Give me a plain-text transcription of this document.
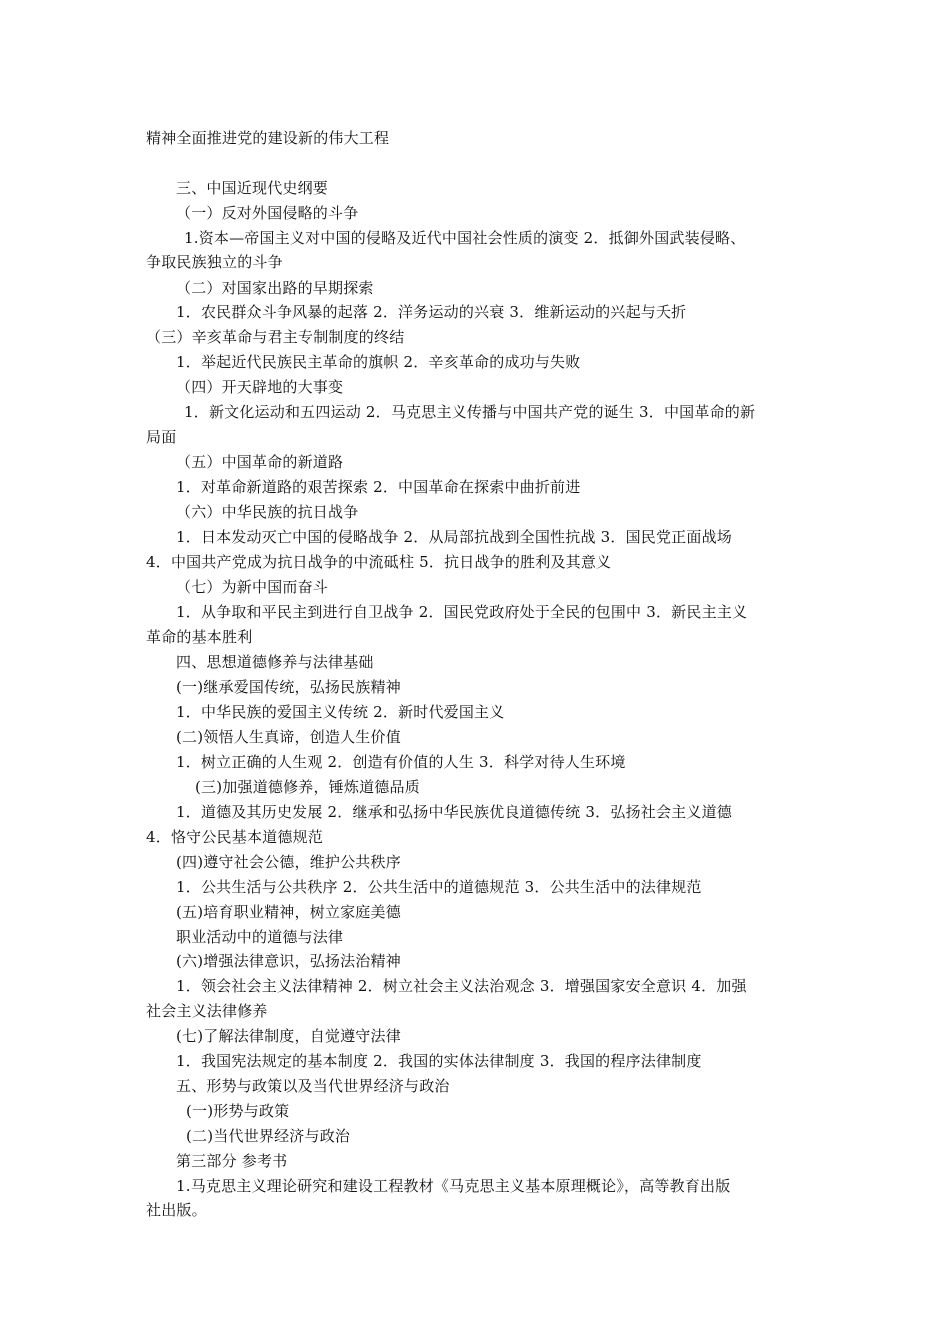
精神全面推进党的建设新的伟大工程
三、中国近现代史纲要
（一）反对外国侵略的斗争
1.资本—帝国主义对中国的侵略及近代中国社会性质的演变 2．抵御外国武装侵略、
争取民族独立的斗争
（二）对国家出路的早期探索
1．农民群众斗争风暴的起落 2．洋务运动的兴衰 3．维新运动的兴起与夭折
（三）辛亥革命与君主专制制度的终结
1．举起近代民族民主革命的旗帜 2．辛亥革命的成功与失败
（四）开天辟地的大事变
1．新文化运动和五四运动 2．马克思主义传播与中国共产党的诞生 3．中国革命的新
局面
（五）中国革命的新道路
1．对革命新道路的艰苦探索 2．中国革命在探索中曲折前进
（六）中华民族的抗日战争
1．日本发动灭亡中国的侵略战争 2．从局部抗战到全国性抗战 3．国民党正面战场
4．中国共产党成为抗日战争的中流砥柱 5．抗日战争的胜利及其意义
（七）为新中国而奋斗
1．从争取和平民主到进行自卫战争 2．国民党政府处于全民的包围中 3．新民主主义
革命的基本胜利
四、思想道德修养与法律基础
(一)继承爱国传统，弘扬民族精神
1．中华民族的爱国主义传统 2．新时代爱国主义
(二)领悟人生真谛，创造人生价值
1．树立正确的人生观 2．创造有价值的人生 3．科学对待人生环境
(三)加强道德修养，锤炼道德品质
1．道德及其历史发展 2．继承和弘扬中华民族优良道德传统 3．弘扬社会主义道德
4．恪守公民基本道德规范
(四)遵守社会公德，维护公共秩序
1．公共生活与公共秩序 2．公共生活中的道德规范 3．公共生活中的法律规范
(五)培育职业精神，树立家庭美德
职业活动中的道德与法律
(六)增强法律意识，弘扬法治精神
1．领会社会主义法律精神 2．树立社会主义法治观念 3．增强国家安全意识 4．加强
社会主义法律修养
(七)了解法律制度，自觉遵守法律
1．我国宪法规定的基本制度 2．我国的实体法律制度 3．我国的程序法律制度
五、形势与政策以及当代世界经济与政治
(一)形势与政策
(二)当代世界经济与政治
第三部分 参考书
1.马克思主义理论研究和建设工程教材《马克思主义基本原理概论》，高等教育出版
社出版。
